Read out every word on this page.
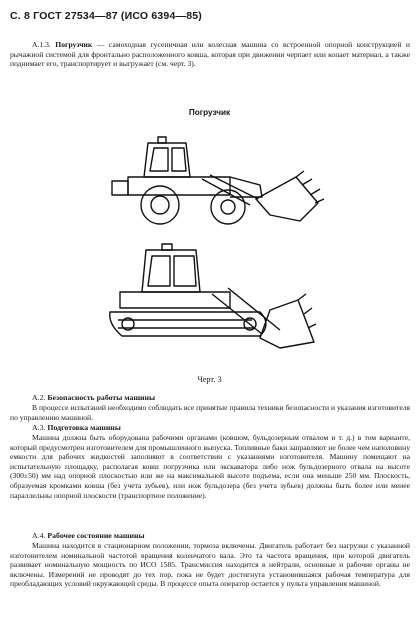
С. 8 ГОСТ 27534—87 (ИСО 6394—85)
А.1.3. Погрузчик — самоходная гусеничная или колесная машина со встроенной опорной конструкцией и рычажной системой для фронтально расположенного ковша, которая при движении черпает или копает материал, а также поднимает его, транспортирует и выгружает (см. черт. 3).
Погрузчик
Черт. 3
А.2. Безопасность работы машины
В процессе испытаний необходимо соблюдать все принятые правила техники безопасности и указания изготовителя по управлению машиной.
А.3. Подготовка машины
Машина должна быть оборудована рабочими органами (ковшом, бульдозерным отвалом и т. д.) в том варианте, который предусмотрен изготовителем для промышленного выпуска. Топливные баки заправляют не более чем наполовину емкости для рабочих жидкостей заполняют в соответствии с указаниями изготовителя. Машину помещают на испытательную площадку, располагая ковш погрузчика или экскаватора либо нож бульдозерного отвала на высоте (300±50) мм над опорной плоскостью или же на максимальной высоте подъема, если она меньше 250 мм. Плоскость, образуемая кромками ковша (без учета зубьев), или нож бульдозера (без учета зубьев) должны быть более или менее параллельны опорной плоскости (транспортное положение).
А.4. Рабочее состояние машины
Машина находится в стационарном положении, тормоза включены. Двигатель работает без нагрузки с указанной изготовителем номинальной частотой вращения коленчатого вала. Это та частота вращения, при которой двигатель развивает номинальную мощность по ИСО 1585. Трансмиссия находится в нейтрали, основные и рабочие органы не включены. Измерений не проводят до тех пор, пока не будет достигнута установившаяся рабочая температура для преобладающих условий окружающей среды. В процессе опыта оператор остается у пульта управления машиной.
